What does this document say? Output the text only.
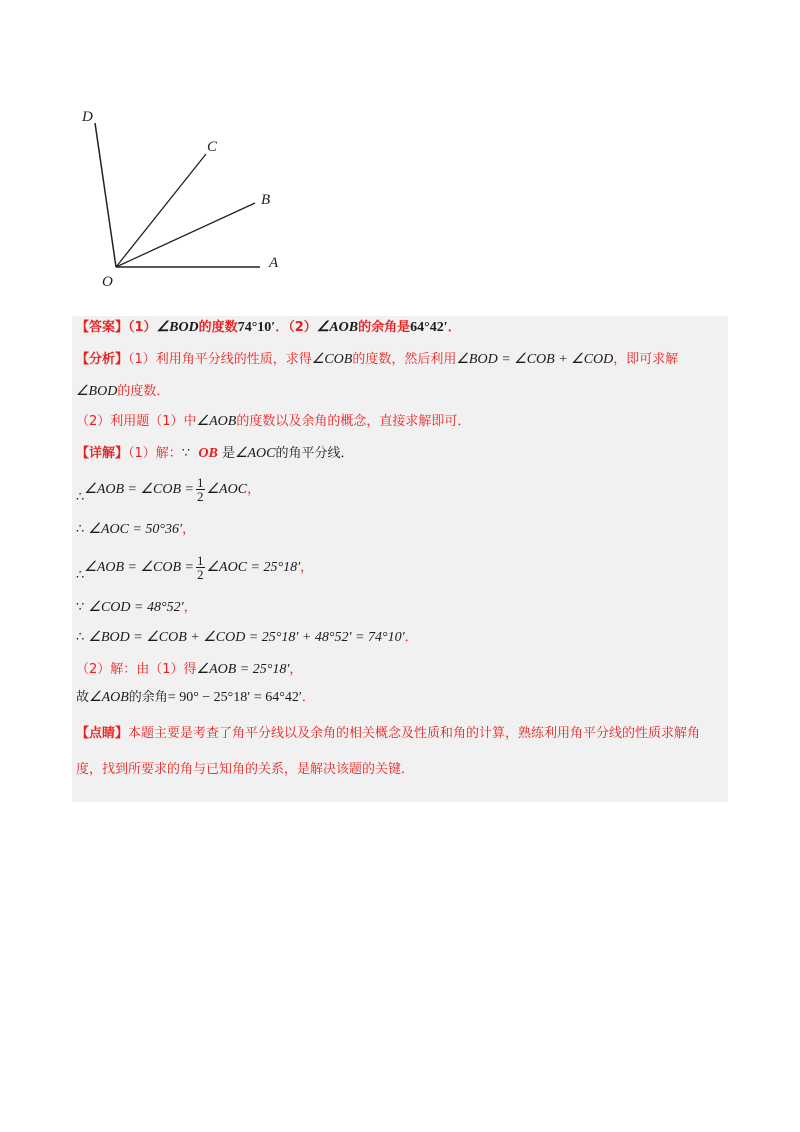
D
C
B
O
A
【答案】（1）∠BOD的度数74°10′．（2）∠AOB的余角是64°42′．
【分析】（1）利用角平分线的性质，求得∠COB的度数，然后利用∠BOD = ∠COB + ∠COD，即可求解
∠BOD的度数．
（2）利用题（1）中∠AOB的度数以及余角的概念，直接求解即可．
【详解】（1）解：∵ OB 是∠AOC的角平分线．
∴∠AOB = ∠COB = $\frac{1}{2}$ ∠AOC，
∴ ∠AOC = 50°36′，
∴∠AOB = ∠COB = $\frac{1}{2}$ ∠AOC = 25°18′，
∵ ∠COD = 48°52′，
∴ ∠BOD = ∠COB + ∠COD = 25°18′ + 48°52′ = 74°10′．
（2）解：由（1）得∠AOB = 25°18′，
故∠AOB的余角= 90° − 25°18′ = 64°42′．
【点睛】本题主要是考查了角平分线以及余角的相关概念及性质和角的计算，熟练利用角平分线的性质求解角度，找到所要求的角与已知角的关系，是解决该题的关键．
